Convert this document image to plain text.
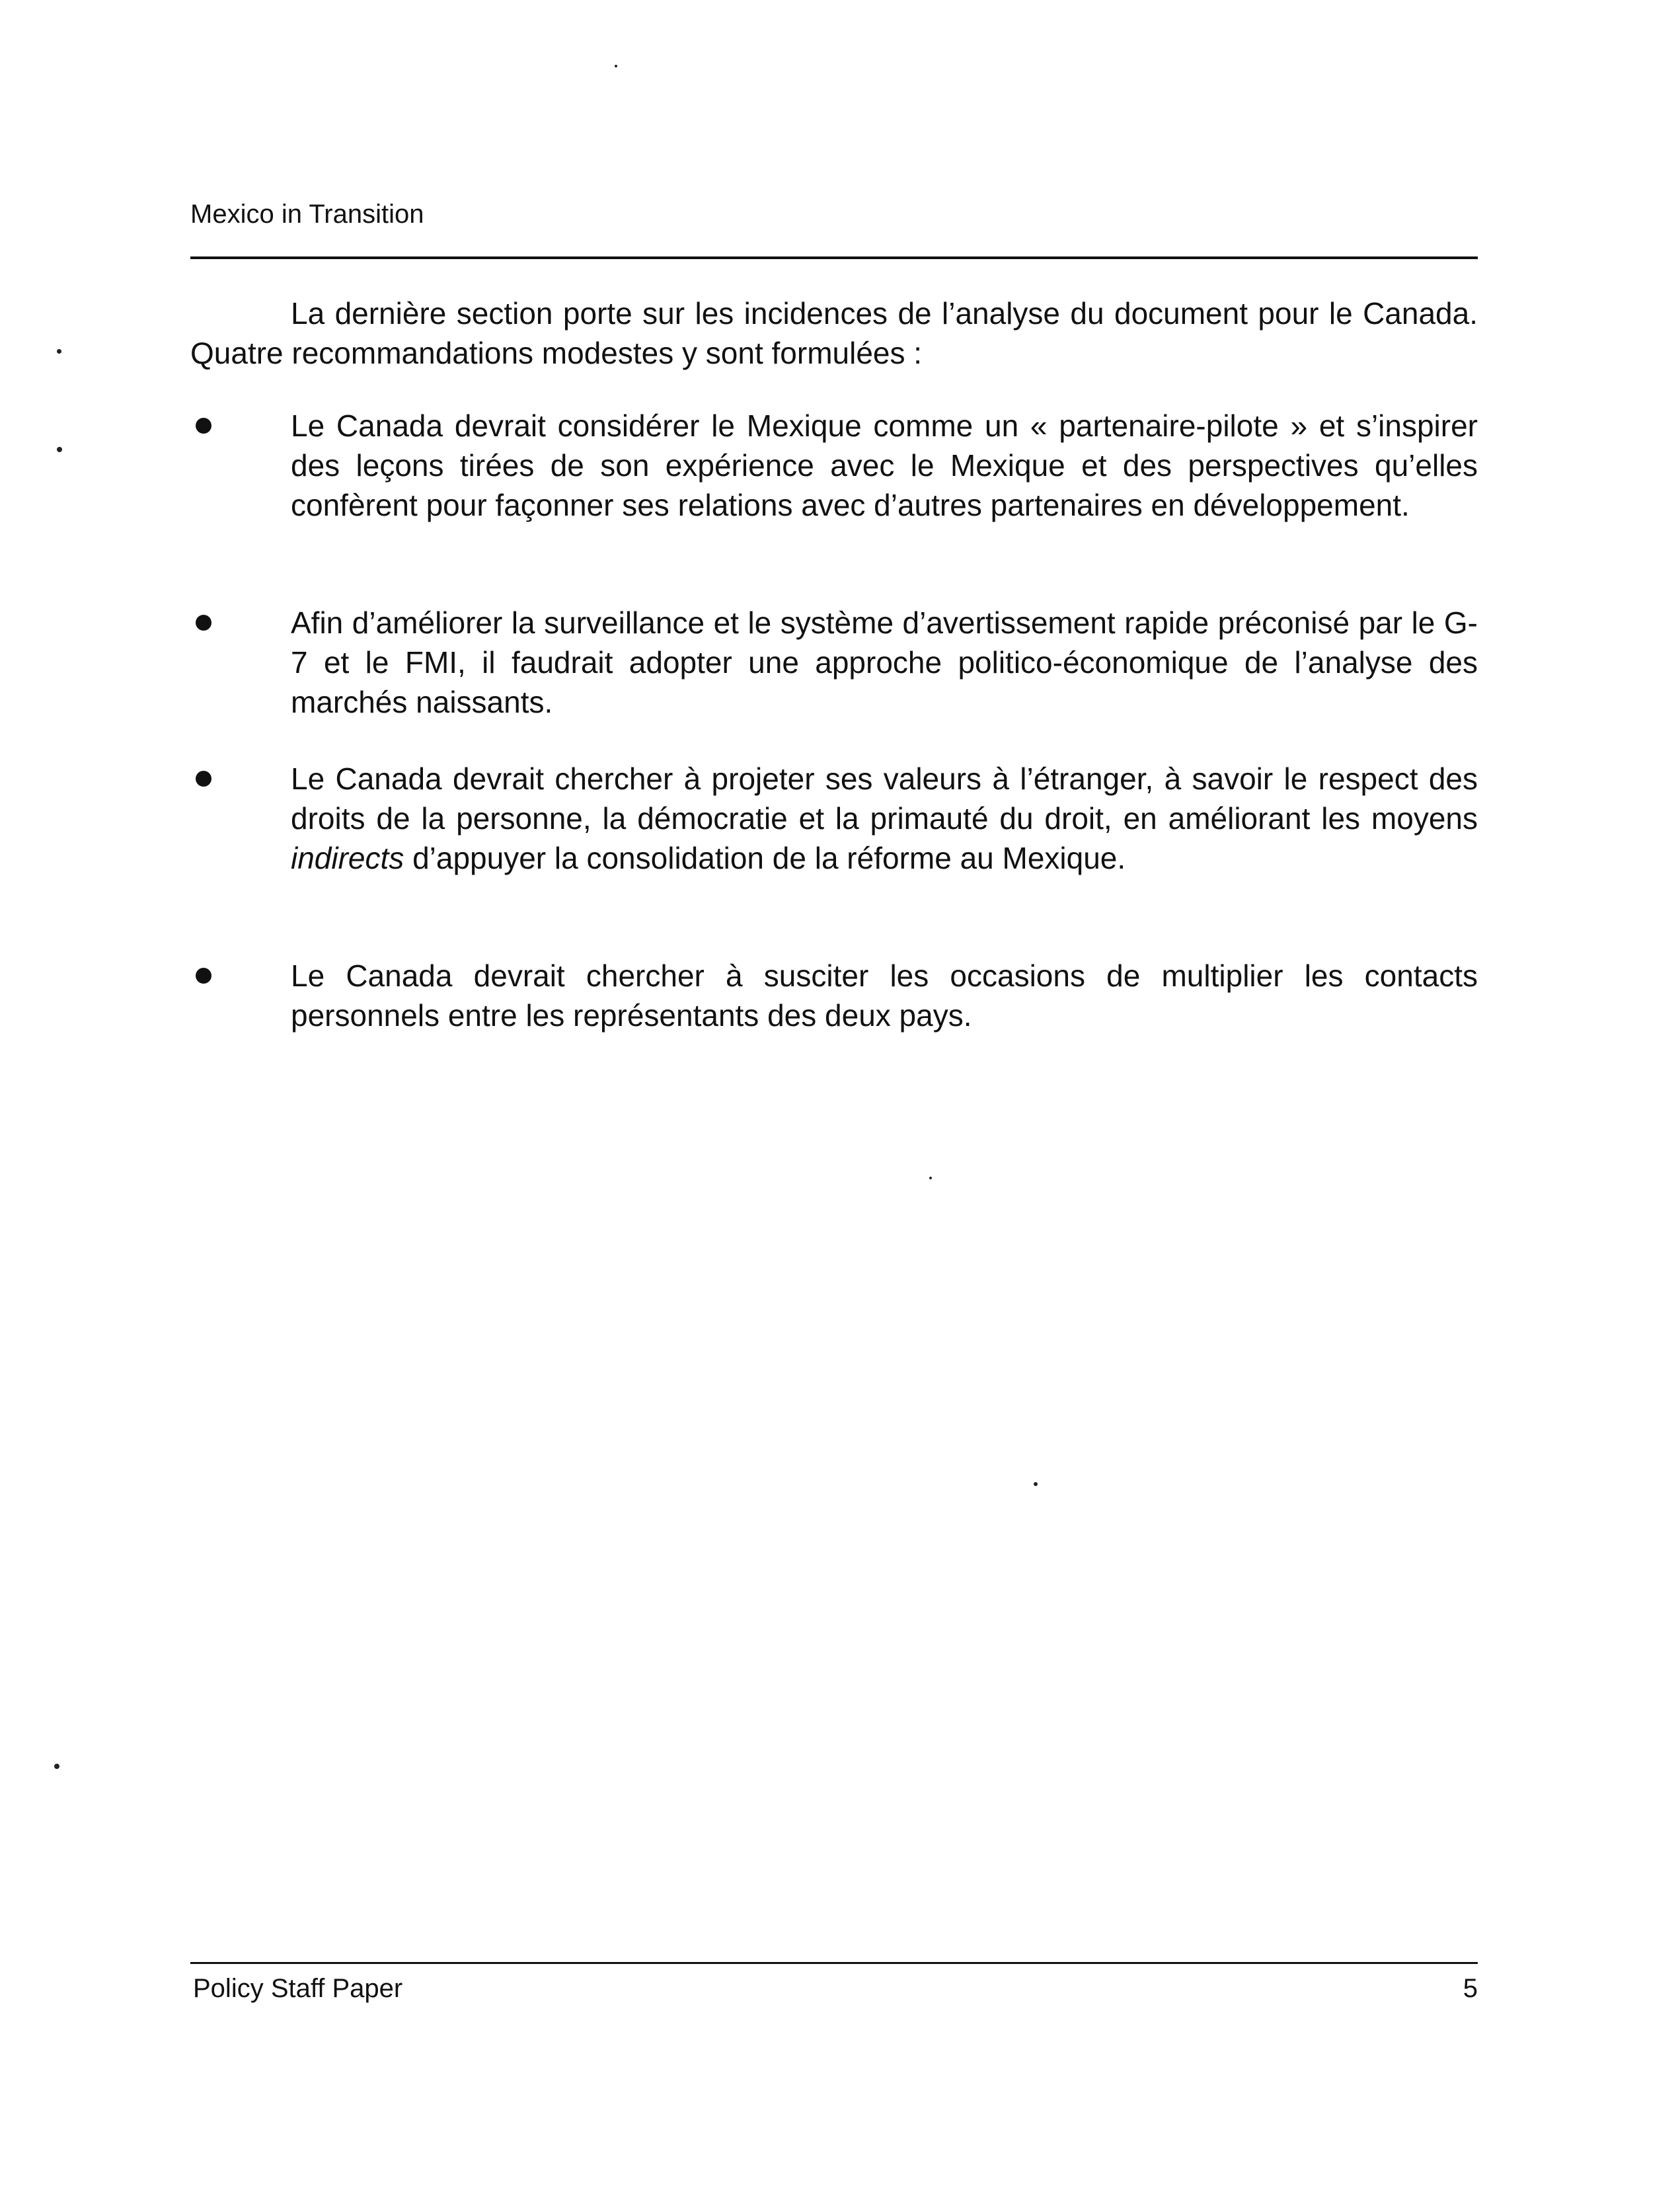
Mexico in Transition

La dernière section porte sur les incidences de l’analyse du document pour le Canada. Quatre recommandations modestes y sont formulées :

Le Canada devrait considérer le Mexique comme un « partenaire-pilote » et s’inspirer des leçons tirées de son expérience avec le Mexique et des perspectives qu’elles confèrent pour façonner ses relations avec d’autres partenaires en développement.

Afin d’améliorer la surveillance et le système d’avertissement rapide préconisé par le G-7 et le FMI, il faudrait adopter une approche politico-économique de l’analyse des marchés naissants.

Le Canada devrait chercher à projeter ses valeurs à l’étranger, à savoir le respect des droits de la personne, la démocratie et la primauté du droit, en améliorant les moyens indirects d’appuyer la consolidation de la réforme au Mexique.

Le Canada devrait chercher à susciter les occasions de multiplier les contacts personnels entre les représentants des deux pays.

Policy Staff Paper	5
